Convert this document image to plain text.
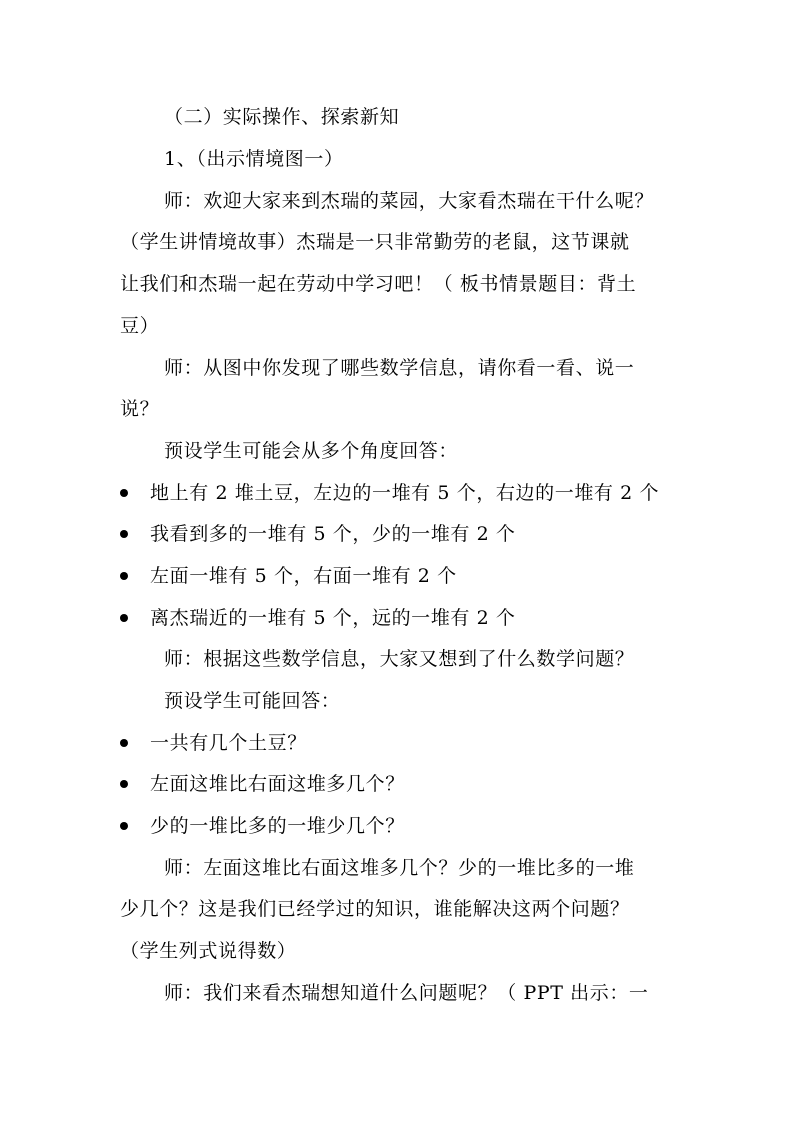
（二）实际操作、探索新知
1、（出示情境图一）
师：欢迎大家来到杰瑞的菜园，大家看杰瑞在干什么呢？
（学生讲情境故事）杰瑞是一只非常勤劳的老鼠，这节课就
让我们和杰瑞一起在劳动中学习吧！（ 板书情景题目：背土
豆）
师：从图中你发现了哪些数学信息，请你看一看、说一
说？
预设学生可能会从多个角度回答：
地上有 2 堆土豆，左边的一堆有 5 个，右边的一堆有 2 个
我看到多的一堆有 5 个，少的一堆有 2 个
左面一堆有 5 个，右面一堆有 2 个
离杰瑞近的一堆有 5 个，远的一堆有 2 个
师：根据这些数学信息，大家又想到了什么数学问题？
预设学生可能回答：
一共有几个土豆？
左面这堆比右面这堆多几个？
少的一堆比多的一堆少几个？
师：左面这堆比右面这堆多几个？少的一堆比多的一堆
少几个？这是我们已经学过的知识，谁能解决这两个问题？
（学生列式说得数）
师：我们来看杰瑞想知道什么问题呢？（ PPT 出示：一
